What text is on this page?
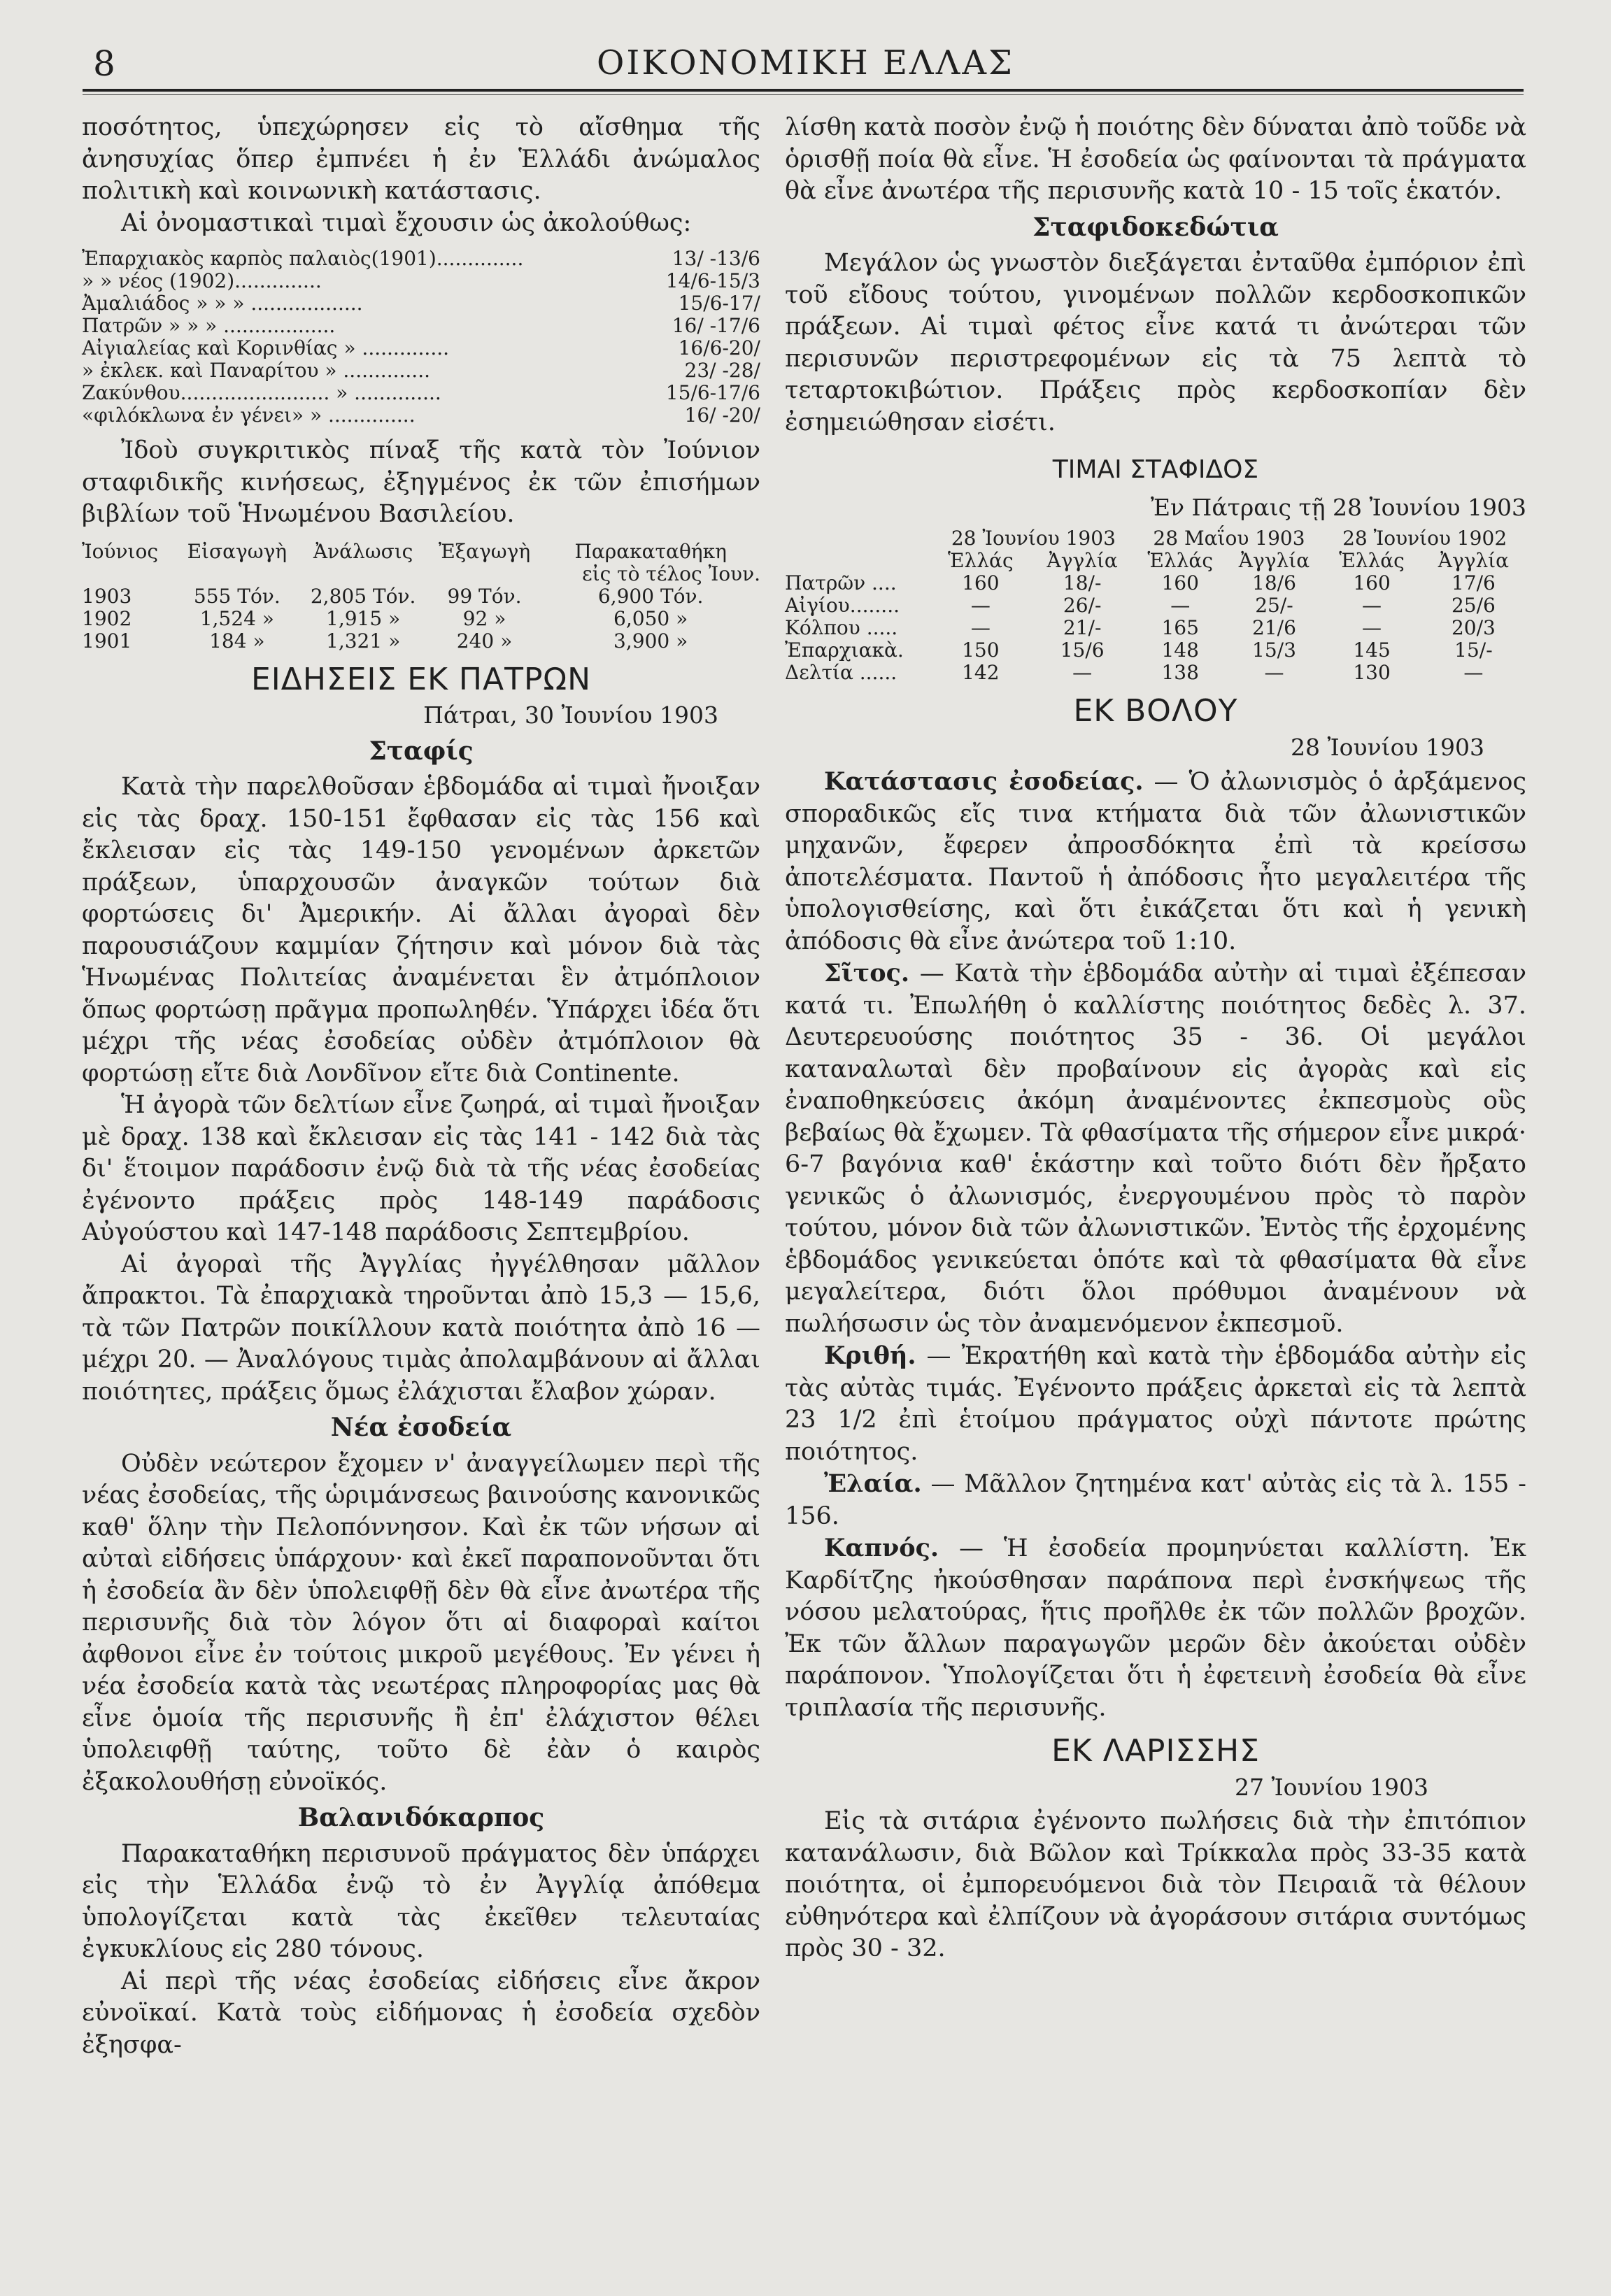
8	ΟΙΚΟΝΟΜΙΚΗ ΕΛΛΑΣ

ποσότητος, ὑπεχώρησεν εἰς τὸ αἴσθημα τῆς ἀνησυχίας ὅπερ ἐμπνέει ἡ ἐν Ἑλλάδι ἀνώμαλος πολιτικὴ καὶ κοινωνικὴ κατάστασις.

Αἱ ὀνομαστικαὶ τιμαὶ ἔχουσιν ὡς ἀκολούθως:

Ἐπαρχιακὸς καρπὸς παλαιὸς(1901)..............	13/ -13/6
» » νέος (1902)..............	14/6-15/3
Ἀμαλιάδος » » » ..................	15/6-17/
Πατρῶν » » » ..................	16/ -17/6
Αἰγιαλείας καὶ Κορινθίας » ..............	16/6-20/
» ἐκλεκ. καὶ Παναρίτου » ..............	23/ -28/
Ζακύνθου........................ » ..............	15/6-17/6
«φιλόκλωνα ἐν γένει» » ..............	16/ -20/

Ἰδοὺ συγκριτικὸς πίναξ τῆς κατὰ τὸν Ἰούνιον σταφιδικῆς κινήσεως, ἐξηγμένος ἐκ τῶν ἐπισήμων βιβλίων τοῦ Ἡνωμένου Βασιλείου.

Ἰούνιος	Εἰσαγωγὴ	Ἀνάλωσις	Ἐξαγωγὴ	Παρακαταθήκη
				εἰς τὸ τέλος Ἰουν.
1903	555 Τόν.	2,805 Τόν.	99 Τόν.	6,900 Τόν.
1902	1,524 »	1,915 »	92 »	6,050 »
1901	184 »	1,321 »	240 »	3,900 »
ΕΙΔΗΣΕΙΣ ΕΚ ΠΑΤΡΩΝ
Πάτραι, 30 Ἰουνίου 1903
Σταφίς

Κατὰ τὴν παρελθοῦσαν ἑβδομάδα αἱ τιμαὶ ἤνοιξαν εἰς τὰς δραχ. 150-151 ἔφθασαν εἰς τὰς 156 καὶ ἔκλεισαν εἰς τὰς 149-150 γενομένων ἀρκετῶν πράξεων, ὑπαρχουσῶν ἀναγκῶν τούτων διὰ φορτώσεις δι' Ἀμερικήν. Αἱ ἄλλαι ἀγοραὶ δὲν παρουσιάζουν καμμίαν ζήτησιν καὶ μόνον διὰ τὰς Ἡνωμένας Πολιτείας ἀναμένεται ἓν ἀτμόπλοιον ὅπως φορτώσῃ πρᾶγμα προπωληθέν. Ὑπάρχει ἰδέα ὅτι μέχρι τῆς νέας ἐσοδείας οὐδὲν ἀτμόπλοιον θὰ φορτώσῃ εἴτε διὰ Λονδῖνον εἴτε διὰ Continente.

Ἡ ἀγορὰ τῶν δελτίων εἶνε ζωηρά, αἱ τιμαὶ ἤνοιξαν μὲ δραχ. 138 καὶ ἔκλεισαν εἰς τὰς 141 - 142 διὰ τὰς δι' ἕτοιμον παράδοσιν ἐνῷ διὰ τὰ τῆς νέας ἐσοδείας ἐγένοντο πράξεις πρὸς 148-149 παράδοσις Αὐγούστου καὶ 147-148 παράδοσις Σεπτεμβρίου.

Αἱ ἀγοραὶ τῆς Ἀγγλίας ἠγγέλθησαν μᾶλλον ἄπρακτοι. Τὰ ἐπαρχιακὰ τηροῦνται ἀπὸ 15,3 — 15,6, τὰ τῶν Πατρῶν ποικίλλουν κατὰ ποιότητα ἀπὸ 16 — μέχρι 20. — Ἀναλόγους τιμὰς ἀπολαμβάνουν αἱ ἄλλαι ποιότητες, πράξεις ὅμως ἐλάχισται ἔλαβον χώραν.

Νέα ἐσοδεία

Οὐδὲν νεώτερον ἔχομεν ν' ἀναγγείλωμεν περὶ τῆς νέας ἐσοδείας, τῆς ὡριμάνσεως βαινούσης κανονικῶς καθ' ὅλην τὴν Πελοπόννησον. Καὶ ἐκ τῶν νήσων αἱ αὐταὶ εἰδήσεις ὑπάρχουν· καὶ ἐκεῖ παραπονοῦνται ὅτι ἡ ἐσοδεία ἂν δὲν ὑπολειφθῇ δὲν θὰ εἶνε ἀνωτέρα τῆς περισυνῆς διὰ τὸν λόγον ὅτι αἱ διαφοραὶ καίτοι ἀφθονοι εἶνε ἐν τούτοις μικροῦ μεγέθους. Ἐν γένει ἡ νέα ἐσοδεία κατὰ τὰς νεωτέρας πληροφορίας μας θὰ εἶνε ὁμοία τῆς περισυνῆς ἢ ἐπ' ἐλάχιστον θέλει ὑπολειφθῇ ταύτης, τοῦτο δὲ ἐὰν ὁ καιρὸς ἐξακολουθήσῃ εὐνοϊκός.

Βαλανιδόκαρπος

Παρακαταθήκη περισυνοῦ πράγματος δὲν ὑπάρχει εἰς τὴν Ἑλλάδα ἐνῷ τὸ ἐν Ἀγγλίᾳ ἀπόθεμα ὑπολογίζεται κατὰ τὰς ἐκεῖθεν τελευταίας ἐγκυκλίους εἰς 280 τόνους.

Αἱ περὶ τῆς νέας ἐσοδείας εἰδήσεις εἶνε ἄκρον εὐνοϊκαί. Κατὰ τοὺς εἰδήμονας ἡ ἐσοδεία σχεδὸν ἐξησφα-

λίσθη κατὰ ποσὸν ἐνῷ ἡ ποιότης δὲν δύναται ἀπὸ τοῦδε νὰ ὁρισθῇ ποία θὰ εἶνε. Ἡ ἐσοδεία ὡς φαίνονται τὰ πράγματα θὰ εἶνε ἀνωτέρα τῆς περισυνῆς κατὰ 10 - 15 τοῖς ἑκατόν.

Σταφιδοκεδώτια

Μεγάλον ὡς γνωστὸν διεξάγεται ἐνταῦθα ἐμπόριον ἐπὶ τοῦ εἴδους τούτου, γινομένων πολλῶν κερδοσκοπικῶν πράξεων. Αἱ τιμαὶ φέτος εἶνε κατά τι ἀνώτεραι τῶν περισυνῶν περιστρεφομένων εἰς τὰ 75 λεπτὰ τὸ τεταρτοκιβώτιον. Πράξεις πρὸς κερδοσκοπίαν δὲν ἐσημειώθησαν εἰσέτι.

ΤΙΜΑΙ ΣΤΑΦΙΔΟΣ
Ἐν Πάτραις τῇ 28 Ἰουνίου 1903
	28 Ἰουνίου 1903		28 Μαΐου 1903		28 Ἰουνίου 1902	
	Ἑλλάς	Ἀγγλία	Ἑλλάς	Ἀγγλία	Ἑλλάς	Ἀγγλία
Πατρῶν ....	160	18/-	160	18/6	160	17/6
Αἰγίου........	—	26/-	—	25/-	—	25/6
Κόλπου .....	—	21/-	165	21/6	—	20/3
Ἐπαρχιακὰ.	150	15/6	148	15/3	145	15/-
Δελτία ......	142	—	138	—	130	—
ΕΚ ΒΟΛΟΥ
28 Ἰουνίου 1903

Κατάστασις ἐσοδείας. — Ὁ ἀλωνισμὸς ὁ ἀρξάμενος σποραδικῶς εἴς τινα κτήματα διὰ τῶν ἀλωνιστικῶν μηχανῶν, ἔφερεν ἀπροσδόκητα ἐπὶ τὰ κρείσσω ἀποτελέσματα. Παντοῦ ἡ ἀπόδοσις ἦτο μεγαλειτέρα τῆς ὑπολογισθείσης, καὶ ὅτι ἐικάζεται ὅτι καὶ ἡ γενικὴ ἀπόδοσις θὰ εἶνε ἀνώτερα τοῦ 1:10.

Σῖτος. — Κατὰ τὴν ἑβδομάδα αὐτὴν αἱ τιμαὶ ἐξέπεσαν κατά τι. Ἐπωλήθη ὁ καλλίστης ποιότητος δεδὲς λ. 37. Δευτερευούσης ποιότητος 35 - 36. Οἱ μεγάλοι καταναλωταὶ δὲν προβαίνουν εἰς ἀγορὰς καὶ εἰς ἐναποθηκεύσεις ἀκόμη ἀναμένοντες ἐκπεσμοὺς οὓς βεβαίως θὰ ἔχωμεν. Τὰ φθασίματα τῆς σήμερον εἶνε μικρά· 6-7 βαγόνια καθ' ἑκάστην καὶ τοῦτο διότι δὲν ἤρξατο γενικῶς ὁ ἀλωνισμός, ἐνεργουμένου πρὸς τὸ παρὸν τούτου, μόνον διὰ τῶν ἀλωνιστικῶν. Ἐντὸς τῆς ἐρχομένης ἑβδομάδος γενικεύεται ὁπότε καὶ τὰ φθασίματα θὰ εἶνε μεγαλείτερα, διότι ὅλοι πρόθυμοι ἀναμένουν νὰ πωλήσωσιν ὡς τὸν ἀναμενόμενον ἐκπεσμοῦ.

Κριθή. — Ἐκρατήθη καὶ κατὰ τὴν ἑβδομάδα αὐτὴν εἰς τὰς αὐτὰς τιμάς. Ἐγένοντο πράξεις ἀρκεταὶ εἰς τὰ λεπτὰ 23 1/2 ἐπὶ ἑτοίμου πράγματος οὐχὶ πάντοτε πρώτης ποιότητος.

Ἐλαία. — Μᾶλλον ζητημένα κατ' αὐτὰς εἰς τὰ λ. 155 - 156.

Καπνός. — Ἡ ἐσοδεία προμηνύεται καλλίστη. Ἐκ Καρδίτζης ἠκούσθησαν παράπονα περὶ ἐνσκήψεως τῆς νόσου μελατούρας, ἥτις προῆλθε ἐκ τῶν πολλῶν βροχῶν. Ἐκ τῶν ἄλλων παραγωγῶν μερῶν δὲν ἀκούεται οὐδὲν παράπονον. Ὑπολογίζεται ὅτι ἡ ἐφετεινὴ ἐσοδεία θὰ εἶνε τριπλασία τῆς περισυνῆς.

ΕΚ ΛΑΡΙΣΣΗΣ
27 Ἰουνίου 1903

Εἰς τὰ σιτάρια ἐγένοντο πωλήσεις διὰ τὴν ἐπιτόπιον κατανάλωσιν, διὰ Βῶλον καὶ Τρίκκαλα πρὸς 33-35 κατὰ ποιότητα, οἱ ἐμπορευόμενοι διὰ τὸν Πειραιᾶ τὰ θέλουν εὐθηνότερα καὶ ἐλπίζουν νὰ ἀγοράσουν σιτάρια συντόμως πρὸς 30 - 32.
